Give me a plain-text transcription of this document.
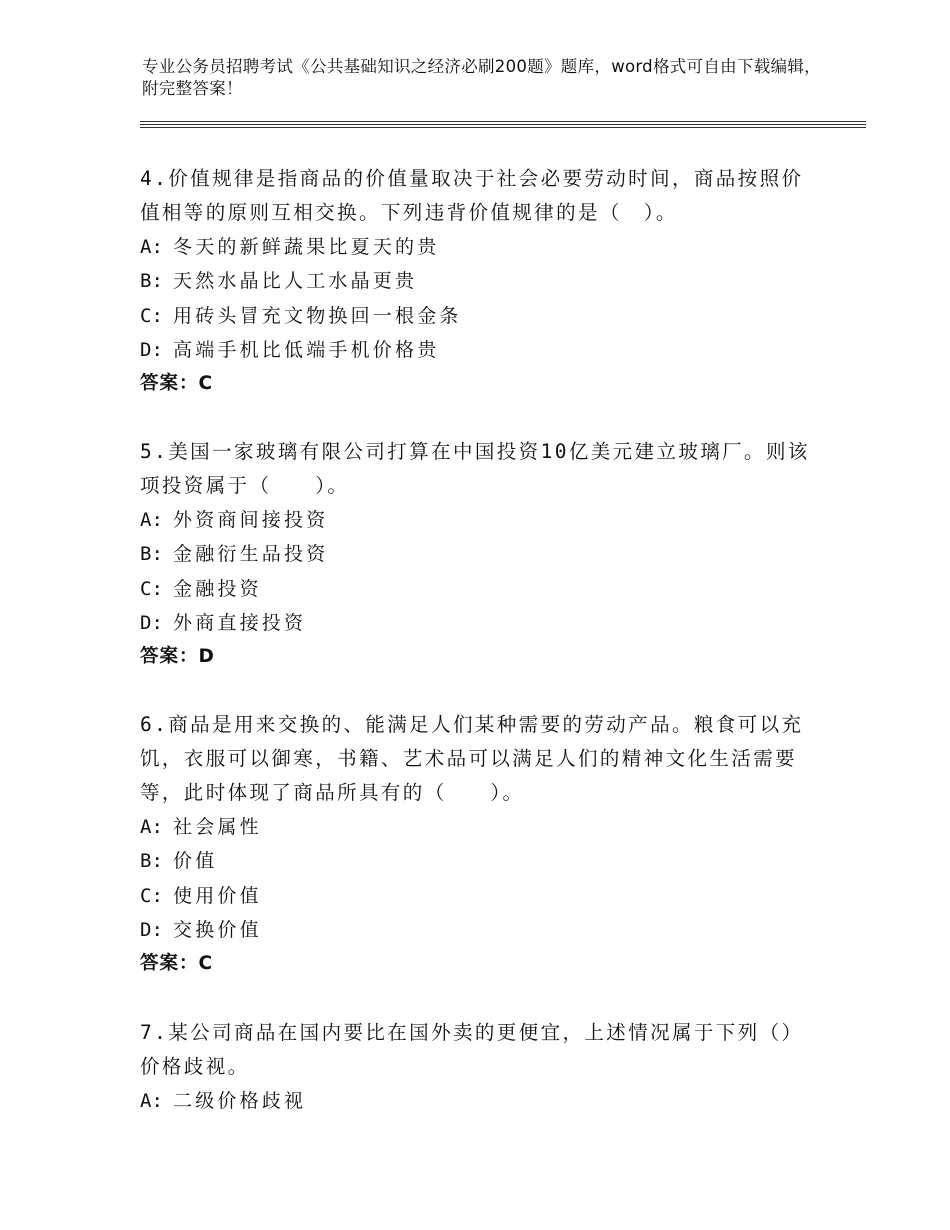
专业公务员招聘考试《公共基础知识之经济必刷200题》题库，word格式可自由下载编辑，附完整答案！

4.价值规律是指商品的价值量取决于社会必要劳动时间，商品按照价值相等的原则互相交换。下列违背价值规律的是（　）。

A: 冬天的新鲜蔬果比夏天的贵

B: 天然水晶比人工水晶更贵

C: 用砖头冒充文物换回一根金条

D: 高端手机比低端手机价格贵

答案：C

5.美国一家玻璃有限公司打算在中国投资10亿美元建立玻璃厂。则该项投资属于（　　）。

A: 外资商间接投资

B: 金融衍生品投资

C: 金融投资

D: 外商直接投资

答案：D

6.商品是用来交换的、能满足人们某种需要的劳动产品。粮食可以充饥，衣服可以御寒，书籍、艺术品可以满足人们的精神文化生活需要等，此时体现了商品所具有的（　　）。

A: 社会属性

B: 价值

C: 使用价值

D: 交换价值

答案：C

7.某公司商品在国内要比在国外卖的更便宜，上述情况属于下列（）价格歧视。

A: 二级价格歧视
